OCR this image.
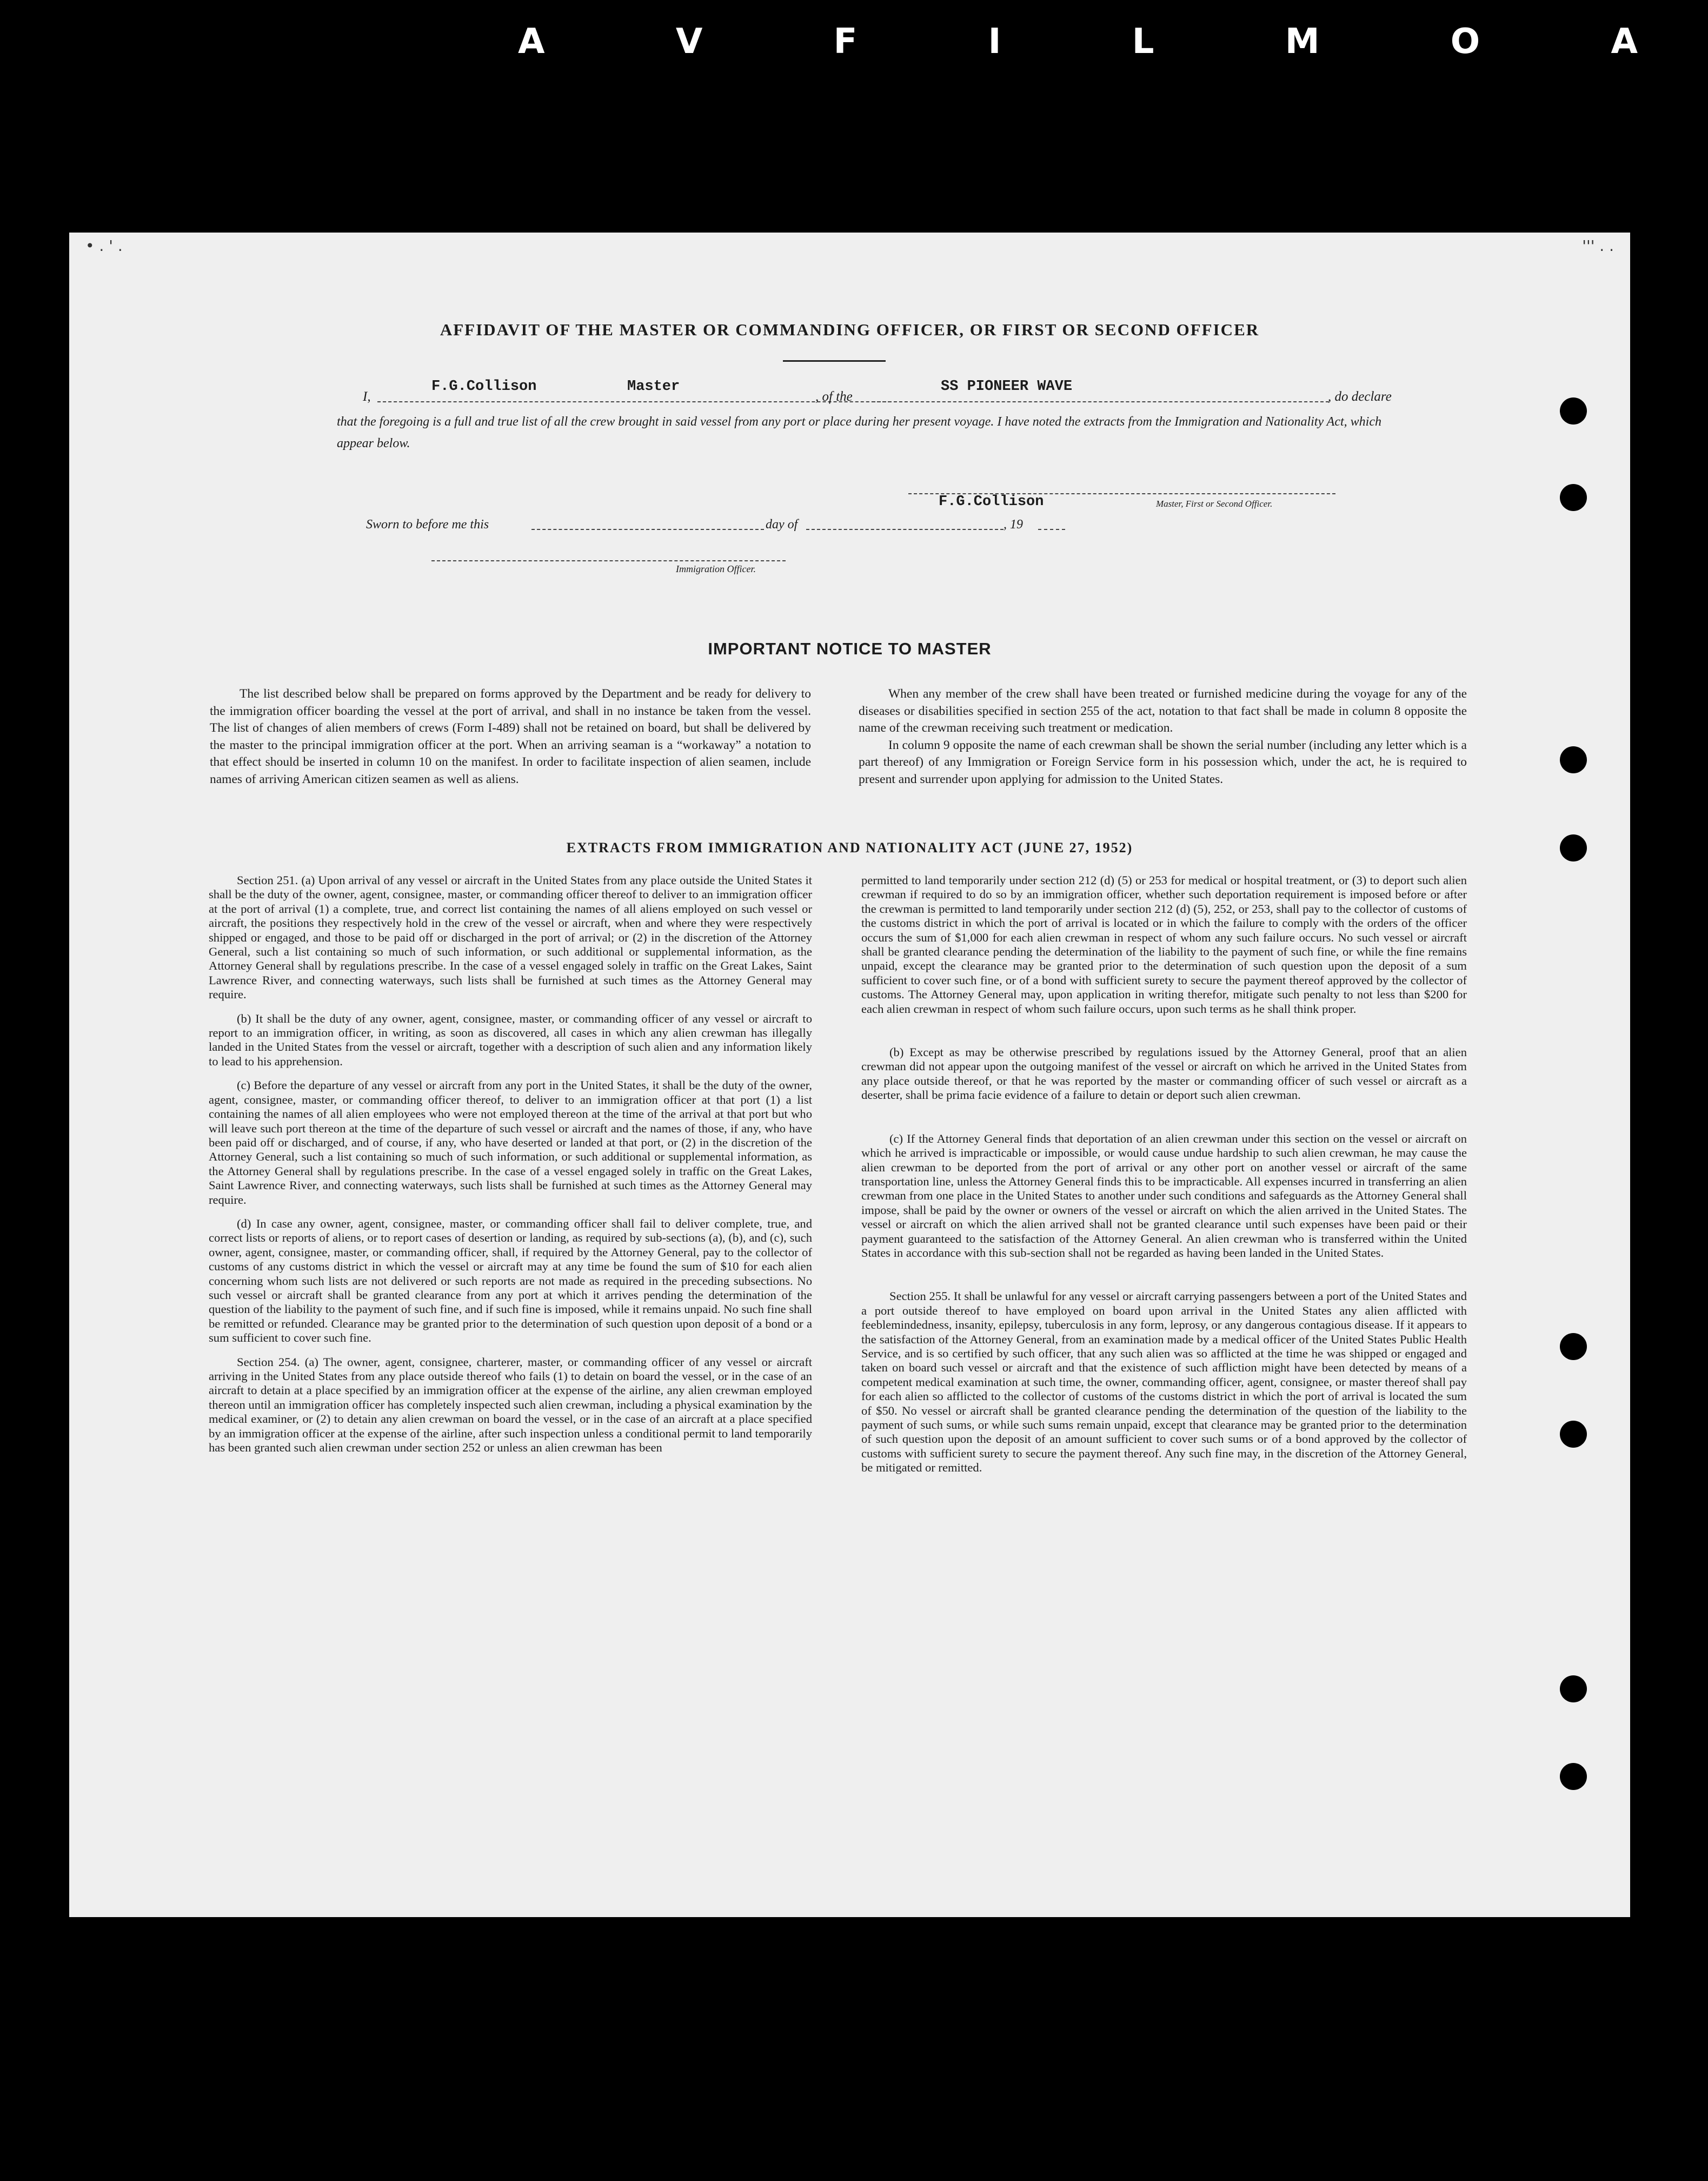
A V F I L M O A
• . ' .	''' . .
AFFIDAVIT OF THE MASTER OR COMMANDING OFFICER, OR FIRST OR SECOND OFFICER
I,
F.G.Collison	Master
, of the
SS PIONEER WAVE
, do declare
that the foregoing is a full and true list of all the crew brought in said vessel from any port or place during her present voyage. I have noted the extracts from the Immigration and Nationality Act, which appear below.
F.G.Collison	Master, First or Second Officer.
Sworn to before me this	day of	, 19
Immigration Officer.
IMPORTANT NOTICE TO MASTER

The list described below shall be prepared on forms approved by the Department and be ready for delivery to the immigration officer boarding the vessel at the port of arrival, and shall in no instance be taken from the vessel. The list of changes of alien members of crews (Form I-489) shall not be retained on board, but shall be delivered by the master to the principal immigration officer at the port. When an arriving seaman is a “workaway” a notation to that effect should be inserted in column 10 on the manifest. In order to facilitate inspection of alien seamen, include names of arriving American citizen seamen as well as aliens.

When any member of the crew shall have been treated or furnished medicine during the voyage for any of the diseases or disabilities specified in section 255 of the act, notation to that fact shall be made in column 8 opposite the name of the crewman receiving such treatment or medication.

In column 9 opposite the name of each crewman shall be shown the serial number (including any letter which is a part thereof) of any Immigration or Foreign Service form in his possession which, under the act, he is required to present and surrender upon applying for admission to the United States.

EXTRACTS FROM IMMIGRATION AND NATIONALITY ACT (JUNE 27, 1952)

Section 251. (a) Upon arrival of any vessel or aircraft in the United States from any place outside the United States it shall be the duty of the owner, agent, consignee, master, or commanding officer thereof to deliver to an immigration officer at the port of arrival (1) a complete, true, and correct list containing the names of all aliens employed on such vessel or aircraft, the positions they respectively hold in the crew of the vessel or aircraft, when and where they were respectively shipped or engaged, and those to be paid off or discharged in the port of arrival; or (2) in the discretion of the Attorney General, such a list containing so much of such information, or such additional or supplemental information, as the Attorney General shall by regulations prescribe. In the case of a vessel engaged solely in traffic on the Great Lakes, Saint Lawrence River, and connecting waterways, such lists shall be furnished at such times as the Attorney General may require.

(b) It shall be the duty of any owner, agent, consignee, master, or commanding officer of any vessel or aircraft to report to an immigration officer, in writing, as soon as discovered, all cases in which any alien crewman has illegally landed in the United States from the vessel or aircraft, together with a description of such alien and any information likely to lead to his apprehension.

(c) Before the departure of any vessel or aircraft from any port in the United States, it shall be the duty of the owner, agent, consignee, master, or commanding officer thereof, to deliver to an immigration officer at that port (1) a list containing the names of all alien employees who were not employed thereon at the time of the arrival at that port but who will leave such port thereon at the time of the departure of such vessel or aircraft and the names of those, if any, who have been paid off or discharged, and of course, if any, who have deserted or landed at that port, or (2) in the discretion of the Attorney General, such a list containing so much of such information, or such additional or supplemental information, as the Attorney General shall by regulations prescribe. In the case of a vessel engaged solely in traffic on the Great Lakes, Saint Lawrence River, and connecting waterways, such lists shall be furnished at such times as the Attorney General may require.

(d) In case any owner, agent, consignee, master, or commanding officer shall fail to deliver complete, true, and correct lists or reports of aliens, or to report cases of desertion or landing, as required by sub-sections (a), (b), and (c), such owner, agent, consignee, master, or commanding officer, shall, if required by the Attorney General, pay to the collector of customs of any customs district in which the vessel or aircraft may at any time be found the sum of $10 for each alien concerning whom such lists are not delivered or such reports are not made as required in the preceding subsections. No such vessel or aircraft shall be granted clearance from any port at which it arrives pending the determination of the question of the liability to the payment of such fine, and if such fine is imposed, while it remains unpaid. No such fine shall be remitted or refunded. Clearance may be granted prior to the determination of such question upon deposit of a bond or a sum sufficient to cover such fine.

Section 254. (a) The owner, agent, consignee, charterer, master, or commanding officer of any vessel or aircraft arriving in the United States from any place outside thereof who fails (1) to detain on board the vessel, or in the case of an aircraft to detain at a place specified by an immigration officer at the expense of the airline, any alien crewman employed thereon until an immigration officer has completely inspected such alien crewman, including a physical examination by the medical examiner, or (2) to detain any alien crewman on board the vessel, or in the case of an aircraft at a place specified by an immigration officer at the expense of the airline, after such inspection unless a conditional permit to land temporarily has been granted such alien crewman under section 252 or unless an alien crewman has been

permitted to land temporarily under section 212 (d) (5) or 253 for medical or hospital treatment, or (3) to deport such alien crewman if required to do so by an immigration officer, whether such deportation requirement is imposed before or after the crewman is permitted to land temporarily under section 212 (d) (5), 252, or 253, shall pay to the collector of customs of the customs district in which the port of arrival is located or in which the failure to comply with the orders of the officer occurs the sum of $1,000 for each alien crewman in respect of whom any such failure occurs. No such vessel or aircraft shall be granted clearance pending the determination of the liability to the payment of such fine, or while the fine remains unpaid, except the clearance may be granted prior to the determination of such question upon the deposit of a sum sufficient to cover such fine, or of a bond with sufficient surety to secure the payment thereof approved by the collector of customs. The Attorney General may, upon application in writing therefor, mitigate such penalty to not less than $200 for each alien crewman in respect of whom such failure occurs, upon such terms as he shall think proper.

(b) Except as may be otherwise prescribed by regulations issued by the Attorney General, proof that an alien crewman did not appear upon the outgoing manifest of the vessel or aircraft on which he arrived in the United States from any place outside thereof, or that he was reported by the master or commanding officer of such vessel or aircraft as a deserter, shall be prima facie evidence of a failure to detain or deport such alien crewman.

(c) If the Attorney General finds that deportation of an alien crewman under this section on the vessel or aircraft on which he arrived is impracticable or impossible, or would cause undue hardship to such alien crewman, he may cause the alien crewman to be deported from the port of arrival or any other port on another vessel or aircraft of the same transportation line, unless the Attorney General finds this to be impracticable. All expenses incurred in transferring an alien crewman from one place in the United States to another under such conditions and safeguards as the Attorney General shall impose, shall be paid by the owner or owners of the vessel or aircraft on which the alien arrived in the United States. The vessel or aircraft on which the alien arrived shall not be granted clearance until such expenses have been paid or their payment guaranteed to the satisfaction of the Attorney General. An alien crewman who is transferred within the United States in accordance with this sub-section shall not be regarded as having been landed in the United States.

Section 255. It shall be unlawful for any vessel or aircraft carrying passengers between a port of the United States and a port outside thereof to have employed on board upon arrival in the United States any alien afflicted with feeblemindedness, insanity, epilepsy, tuberculosis in any form, leprosy, or any dangerous contagious disease. If it appears to the satisfaction of the Attorney General, from an examination made by a medical officer of the United States Public Health Service, and is so certified by such officer, that any such alien was so afflicted at the time he was shipped or engaged and taken on board such vessel or aircraft and that the existence of such affliction might have been detected by means of a competent medical examination at such time, the owner, commanding officer, agent, consignee, or master thereof shall pay for each alien so afflicted to the collector of customs of the customs district in which the port of arrival is located the sum of $50. No vessel or aircraft shall be granted clearance pending the determination of the question of the liability to the payment of such sums, or while such sums remain unpaid, except that clearance may be granted prior to the determination of such question upon the deposit of an amount sufficient to cover such sums or of a bond approved by the collector of customs with sufficient surety to secure the payment thereof. Any such fine may, in the discretion of the Attorney General, be mitigated or remitted.
